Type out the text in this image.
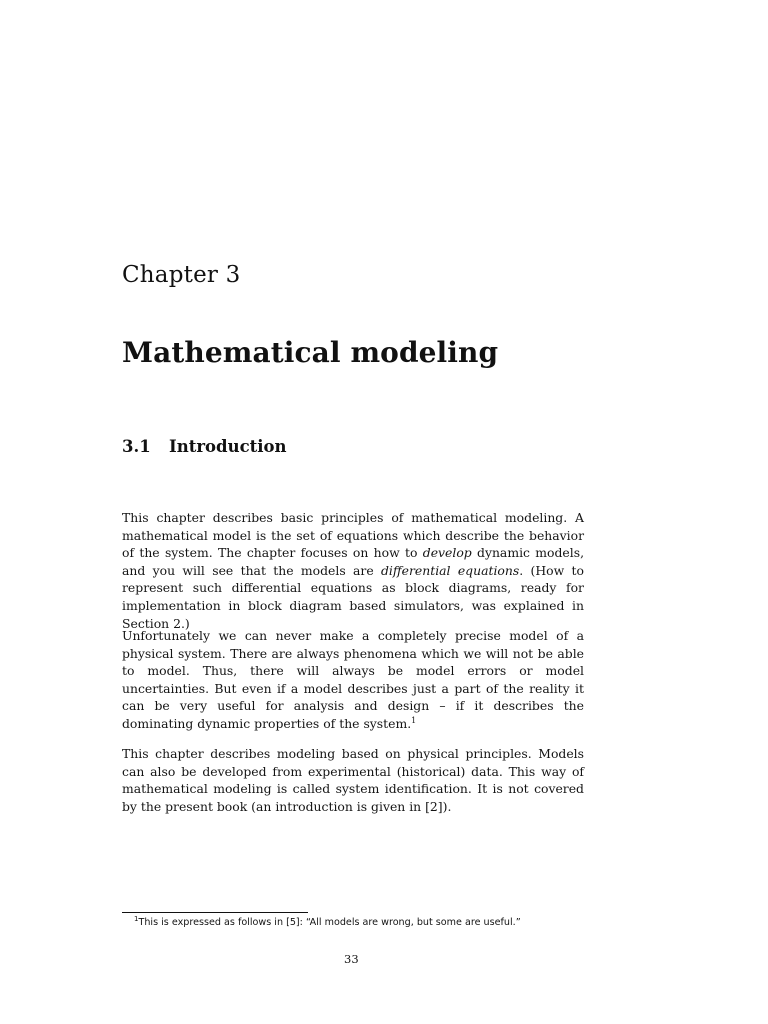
Chapter 3
Mathematical modeling
3.1	Introduction

This chapter describes basic principles of mathematical modeling. A mathematical model is the set of equations which describe the behavior of the system. The chapter focuses on how to develop dynamic models, and you will see that the models are differential equations. (How to represent such differential equations as block diagrams, ready for implementation in block diagram based simulators, was explained in Section 2.)

Unfortunately we can never make a completely precise model of a physical system. There are always phenomena which we will not be able to model. Thus, there will always be model errors or model uncertainties. But even if a model describes just a part of the reality it can be very useful for analysis and design – if it describes the dominating dynamic properties of the system.$^1$

This chapter describes modeling based on physical principles. Models can also be developed from experimental (historical) data. This way of mathematical modeling is called system identification. It is not covered by the present book (an introduction is given in [2]).

$^1$This is expressed as follows in [5]: “All models are wrong, but some are useful.”

33
